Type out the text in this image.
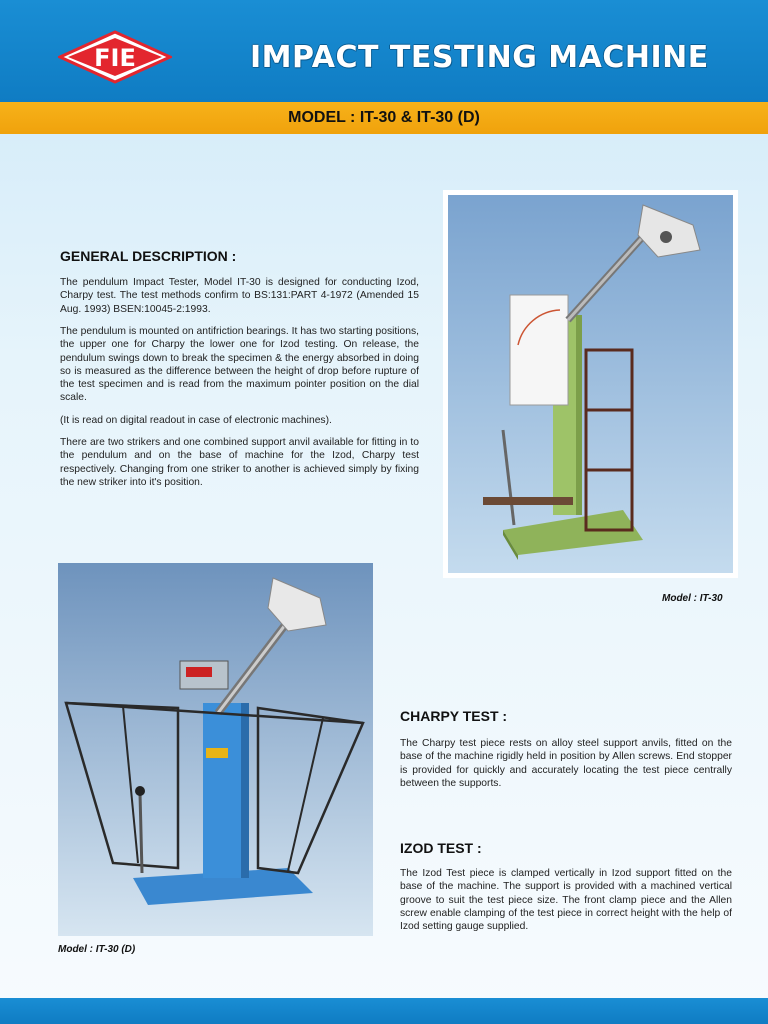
FIE	IMPACT TESTING MACHINE
MODEL : IT-30 & IT-30 (D)
GENERAL DESCRIPTION :

The pendulum Impact Tester, Model IT-30 is designed for conducting Izod, Charpy test. The test methods confirm to BS:131:PART 4-1972 (Amended 15 Aug. 1993) BSEN:10045-2:1993.

The pendulum is mounted on antifriction bearings. It has two starting positions, the upper one for Charpy the lower one for Izod testing. On release, the pendulum swings down to break the specimen & the energy absorbed in doing so is measured as the difference between the height of drop before rupture of the test specimen and is read from the maximum pointer position on the dial scale.

(It is read on digital readout in case of electronic machines).

There are two strikers and one combined support anvil available for fitting in to the pendulum and on the base of machine for the Izod, Charpy test respectively. Changing from one striker to another is achieved simply by fixing the new striker into it's position.

Model : IT-30
Model : IT-30 (D)
CHARPY TEST :

The Charpy test piece rests on alloy steel support anvils, fitted on the base of the machine rigidly held in position by Allen screws. End stopper is provided for quickly and accurately locating the test piece centrally between the supports.

IZOD TEST :

The Izod Test piece is clamped vertically in Izod support fitted on the base of the machine. The support is provided with a machined vertical groove to suit the test piece size. The front clamp piece and the Allen screw enable clamping of the test piece in correct height with the help of Izod setting gauge supplied.
